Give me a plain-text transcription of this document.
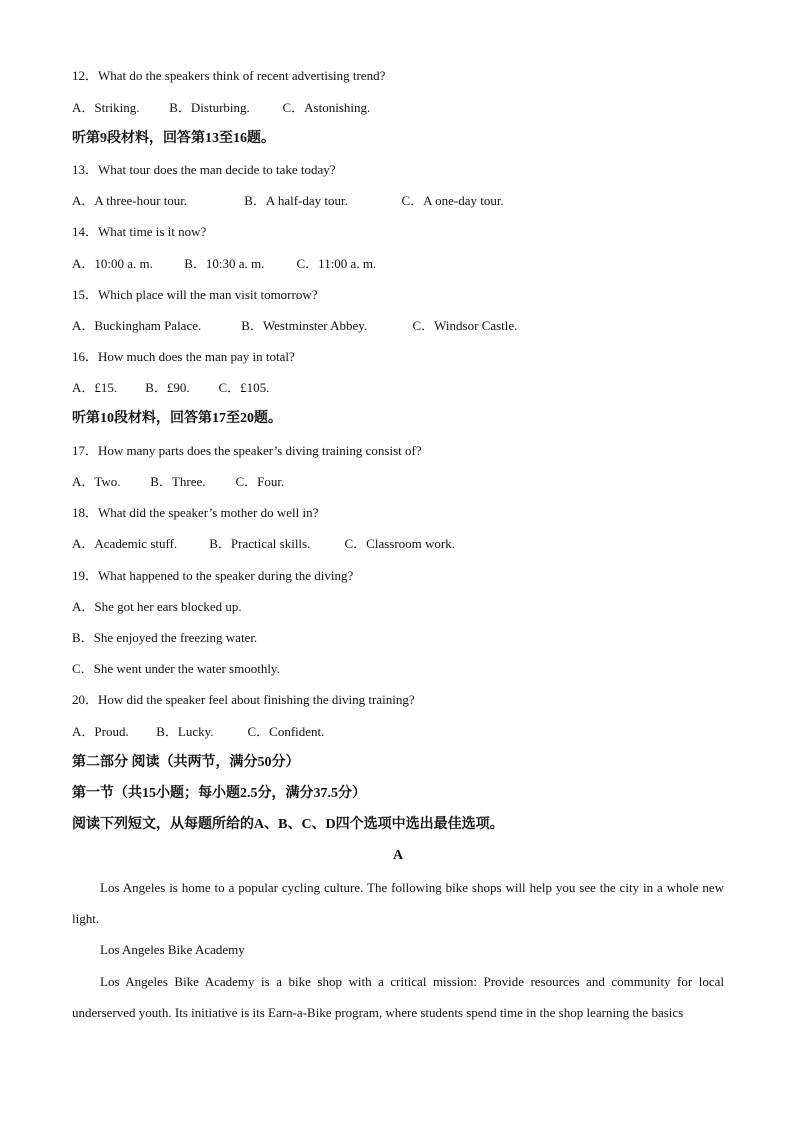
12．What do the speakers think of recent advertising trend?
A．Striking. B．Disturbing.	C．Astonishing.
听第9段材料，回答第13至16题。
13．What tour does the man decide to take today?
A．A three-hour tour.	B．A half-day tour.	C．A one-day tour.
14．What time is it now?
A．10:00 a. m. B．10:30 a. m. C．11:00 a. m.
15．Which place will the man visit tomorrow?
A．Buckingham Palace.	B．Westminster Abbey.	C．Windsor Castle.
16．How much does the man pay in total?
A．£15. B．£90. C．£105.
听第10段材料，回答第17至20题。
17．How many parts does the speaker’s diving training consist of?
A．Two. B．Three. C．Four.
18．What did the speaker’s mother do well in?
A．Academic stuff. B．Practical skills.	C．Classroom work.
19．What happened to the speaker during the diving?
A．She got her ears blocked up.
B．She enjoyed the freezing water.
C．She went under the water smoothly.
20．How did the speaker feel about finishing the diving training?
A．Proud. B．Lucky.	C．Confident.
第二部分 阅读（共两节，满分50分）
第一节（共15小题；每小题2.5分，满分37.5分）
阅读下列短文，从每题所给的A、B、C、D四个选项中选出最佳选项。
A
Los Angeles is home to a popular cycling culture. The following bike shops will help you see the city in a whole new light.
Los Angeles Bike Academy
Los Angeles Bike Academy is a bike shop with a critical mission: Provide resources and community for local underserved youth. Its initiative is its Earn-a-Bike program, where students spend time in the shop learning the basics
